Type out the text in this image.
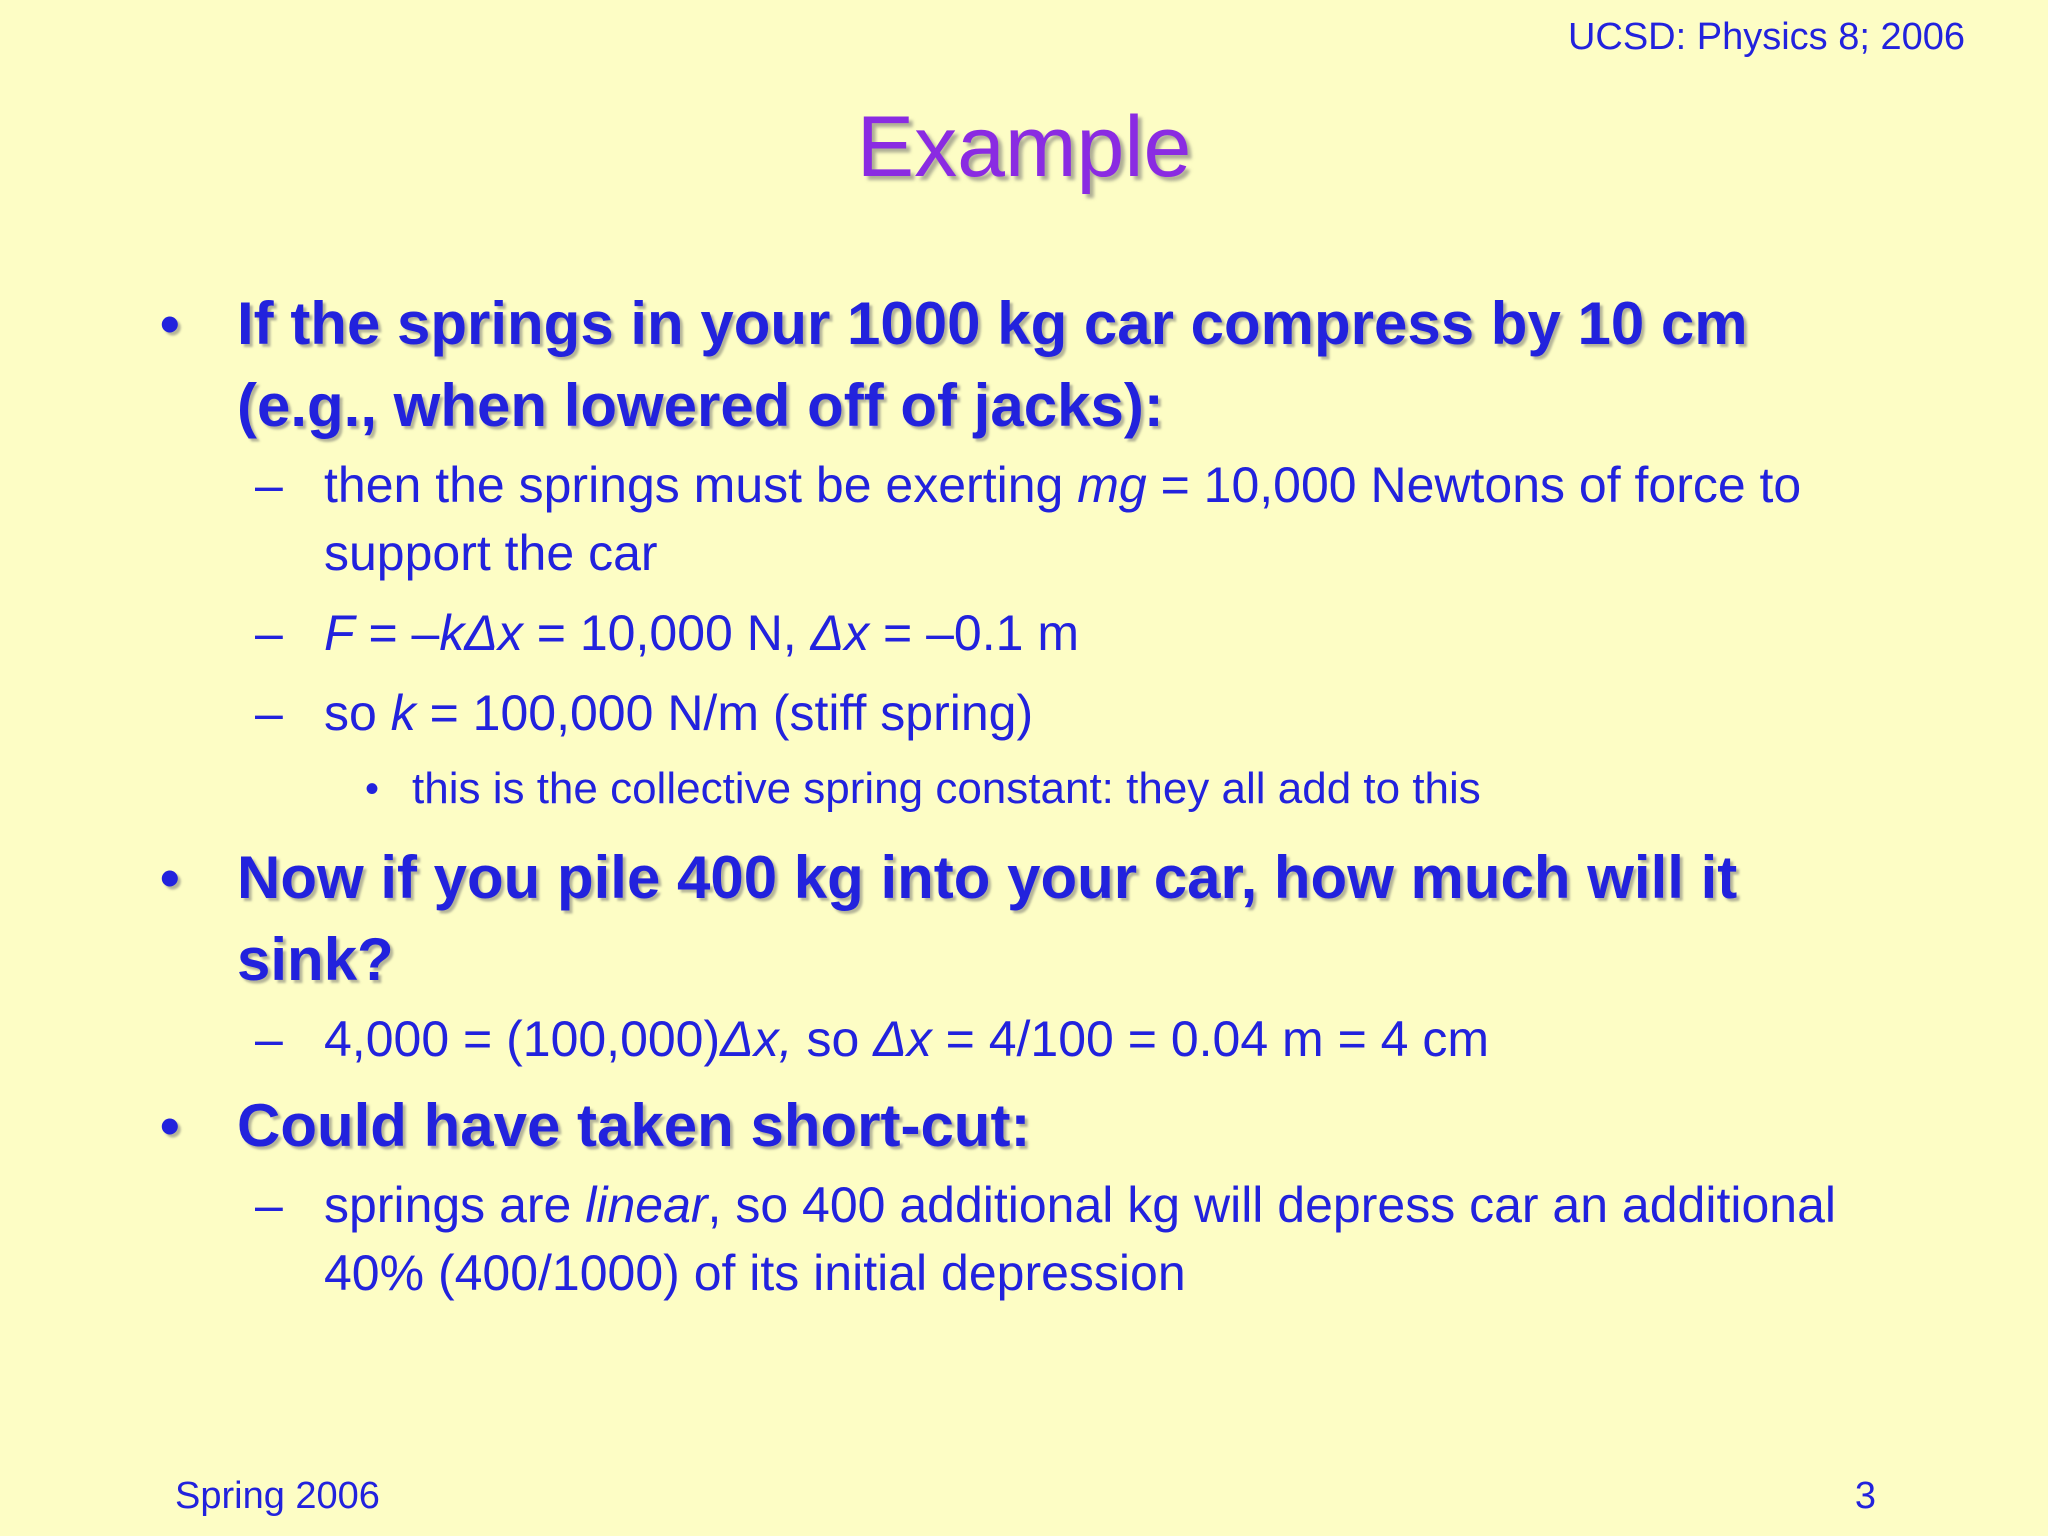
UCSD: Physics 8; 2006
Example
• If the springs in your 1000 kg car compress by 10 cm (e.g., when lowered off of jacks):
– then the springs must be exerting mg = 10,000 Newtons of force to support the car
– F = –kΔx = 10,000 N, Δx = –0.1 m
– so k = 100,000 N/m (stiff spring)
• this is the collective spring constant: they all add to this
• Now if you pile 400 kg into your car, how much will it sink?
– 4,000 = (100,000)Δx, so Δx = 4/100 = 0.04 m = 4 cm
• Could have taken short-cut:
– springs are linear, so 400 additional kg will depress car an additional 40% (400/1000) of its initial depression
Spring 2006	3
